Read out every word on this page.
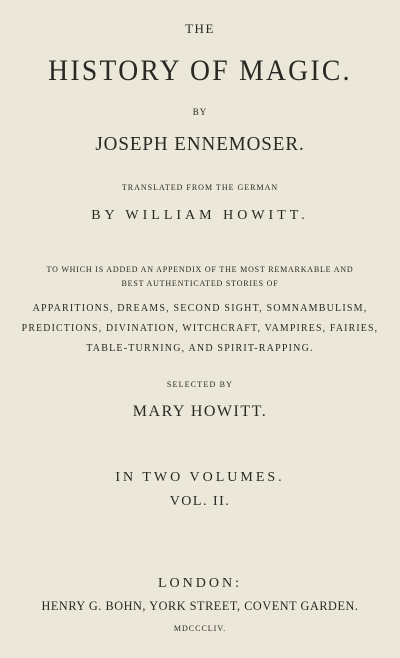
THE
HISTORY OF MAGIC.
BY
JOSEPH ENNEMOSER.
TRANSLATED FROM THE GERMAN
BY WILLIAM HOWITT.
TO WHICH IS ADDED AN APPENDIX OF THE MOST REMARKABLE AND
BEST AUTHENTICATED STORIES OF
APPARITIONS, DREAMS, SECOND SIGHT, SOMNAMBULISM,
PREDICTIONS, DIVINATION, WITCHCRAFT, VAMPIRES, FAIRIES,
TABLE-TURNING, AND SPIRIT-RAPPING.
SELECTED BY
MARY HOWITT.
IN TWO VOLUMES.
VOL. II.
LONDON:
HENRY G. BOHN, YORK STREET, COVENT GARDEN.
MDCCCLIV.
